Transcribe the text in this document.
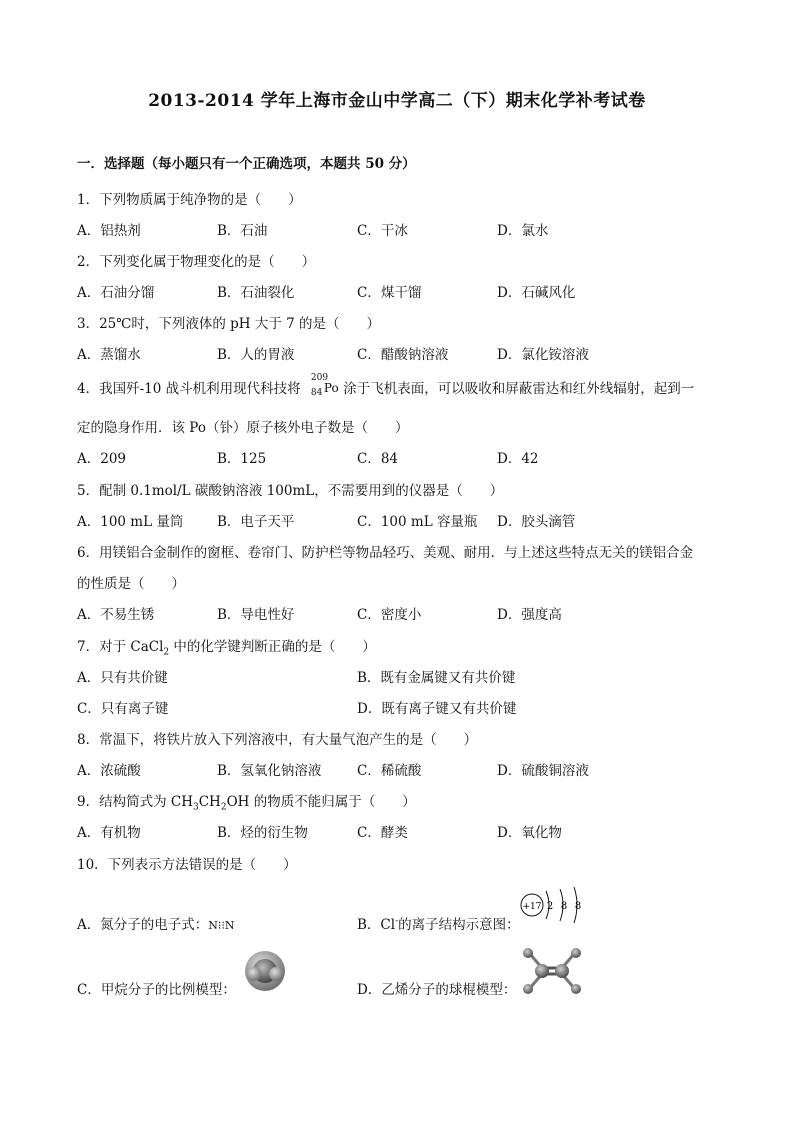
2013-2014 学年上海市金山中学高二（下）期末化学补考试卷
一．选择题（每小题只有一个正确选项，本题共 50 分）
1．下列物质属于纯净物的是（　　）
A．铝热剂	B．石油	C．干冰	D．氯水
2．下列变化属于物理变化的是（　　）
A．石油分馏	B．石油裂化	C．煤干馏	D．石碱风化
3．25℃时，下列液体的 pH 大于 7 的是（　　）
A．蒸馏水	B．人的胃液	C．醋酸钠溶液	D．氯化铵溶液
4．我国歼-10 战斗机利用现代科技将
209
84 Po 涂于飞机表面，可以吸收和屏蔽雷达和红外线辐射，起到一
定的隐身作用．该 Po（钋）原子核外电子数是（　　）
A．209	B．125	C．84	D．42
5．配制 0.1mol/L 碳酸钠溶液 100mL，不需要用到的仪器是（　　）
A．100 mL 量筒 B．电子天平	C．100 mL 容量瓶 D．胶头滴管
6．用镁铝合金制作的窗框、卷帘门、防护栏等物品轻巧、美观、耐用．与上述这些特点无关的镁铝合金
的性质是（　　）
A．不易生锈	B．导电性好	C．密度小	D．强度高
7．对于 CaCl$_2$ 中的化学键判断正确的是（　　）
A．只有共价键	B．既有金属键又有共价键
C．只有离子键	D．既有离子键又有共价键
8．常温下，将铁片放入下列溶液中，有大量气泡产生的是（　　）
A．浓硫酸	B．氢氧化钠溶液	C．稀硫酸	D．硫酸铜溶液
9．结构简式为 $CH_3CH_2OH$ 的物质不能归属于（　　）
A．有机物	B．烃的衍生物	C．酵类	D．氧化物
10．下列表示方法错误的是（　　）
A．氮分子的电子式：N⁝⁝N	B．Cl-的离子结构示意图：
+17 2 8 8
C．甲烷分子的比例模型：	D．乙烯分子的球棍模型：
